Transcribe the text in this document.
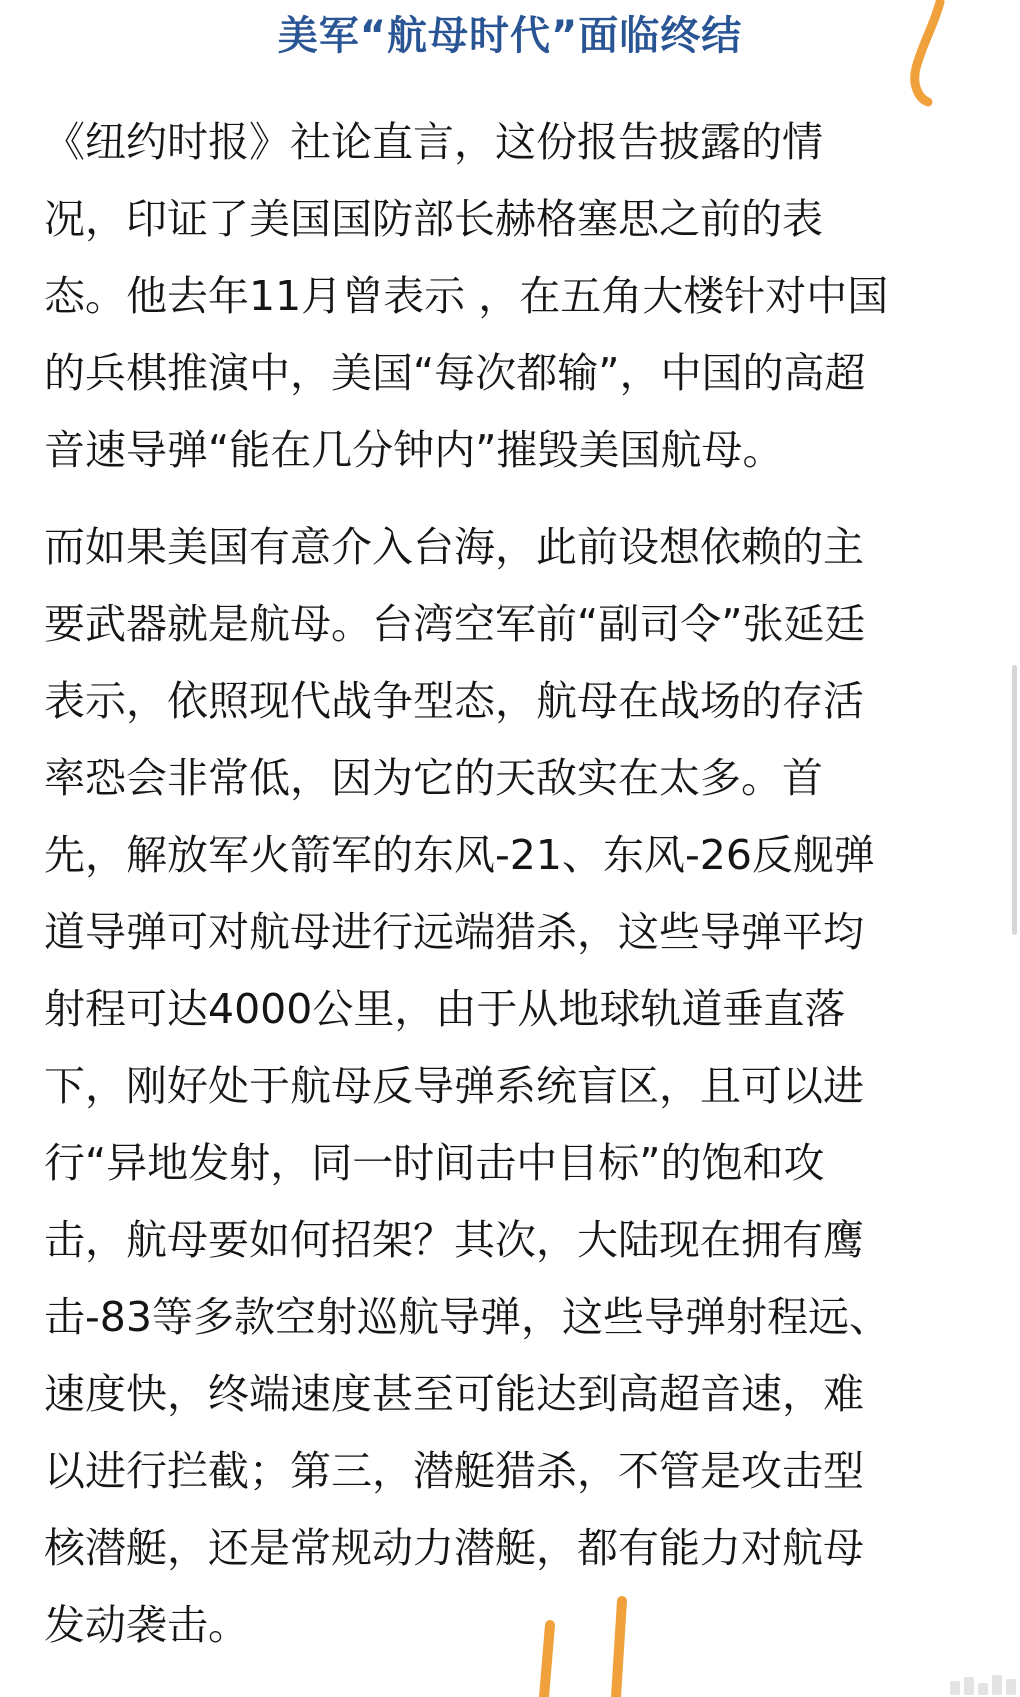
美军“航母时代”面临终结

《纽约时报》社论直言，这份报告披露的情
况，印证了美国国防部长赫格塞思之前的表
态。他去年11月曾表示 ，在五角大楼针对中国
的兵棋推演中，美国“每次都输”，中国的高超
音速导弹“能在几分钟内”摧毁美国航母。

而如果美国有意介入台海，此前设想依赖的主
要武器就是航母。台湾空军前“副司令”张延廷
表示，依照现代战争型态，航母在战场的存活
率恐会非常低，因为它的天敌实在太多。首
先，解放军火箭军的东风-21、东风-26反舰弹
道导弹可对航母进行远端猎杀，这些导弹平均
射程可达4000公里，由于从地球轨道垂直落
下，刚好处于航母反导弹系统盲区，且可以进
行“异地发射，同一时间击中目标”的饱和攻
击，航母要如何招架？其次，大陆现在拥有鹰
击-83等多款空射巡航导弹，这些导弹射程远、
速度快，终端速度甚至可能达到高超音速，难
以进行拦截；第三，潜艇猎杀，不管是攻击型
核潜艇，还是常规动力潜艇，都有能力对航母
发动袭击。
